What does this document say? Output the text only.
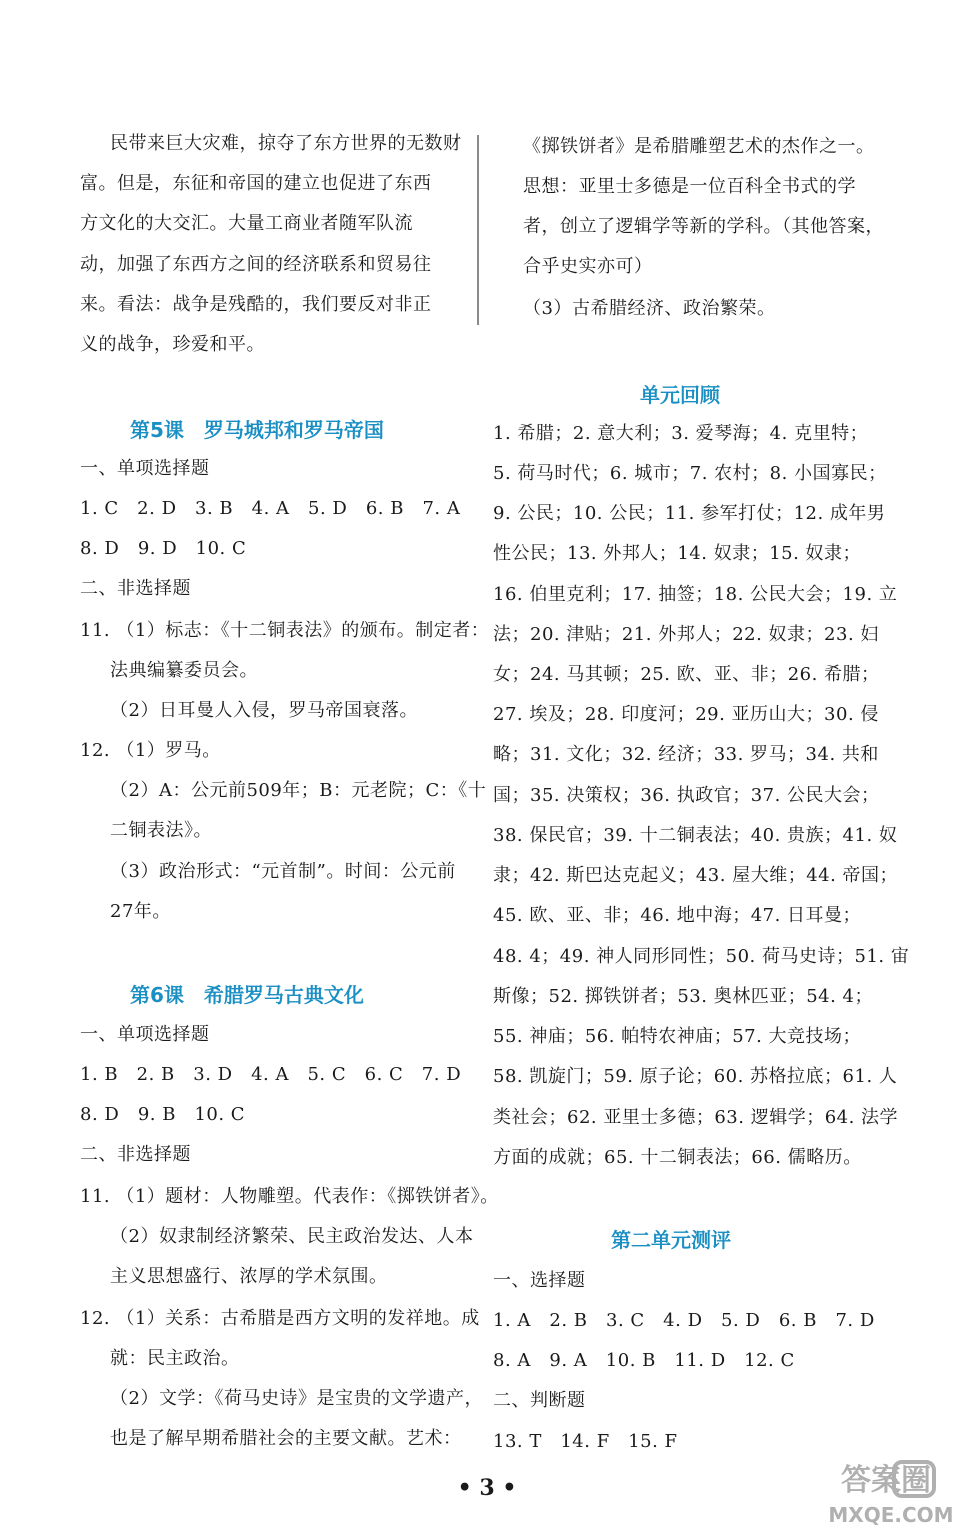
民带来巨大灾难，掠夺了东方世界的无数财
富。但是，东征和帝国的建立也促进了东西
方文化的大交汇。大量工商业者随军队流
动，加强了东西方之间的经济联系和贸易往
来。看法：战争是残酷的，我们要反对非正
义的战争，珍爱和平。
第5课　罗马城邦和罗马帝国
一、单项选择题
1. C　2. D　3. B　4. A　5. D　6. B　7. A
8. D　9. D　10. C
二、非选择题
11. （1）标志：《十二铜表法》的颁布。制定者：
法典编纂委员会。
（2）日耳曼人入侵，罗马帝国衰落。
12. （1）罗马。
（2）A：公元前509年；B：元老院；C：《十
二铜表法》。
（3）政治形式：“元首制”。时间：公元前
27年。
第6课　希腊罗马古典文化
一、单项选择题
1. B　2. B　3. D　4. A　5. C　6. C　7. D
8. D　9. B　10. C
二、非选择题
11. （1）题材：人物雕塑。代表作：《掷铁饼者》。
（2）奴隶制经济繁荣、民主政治发达、人本
主义思想盛行、浓厚的学术氛围。
12. （1）关系：古希腊是西方文明的发祥地。成
就：民主政治。
（2）文学：《荷马史诗》是宝贵的文学遗产，
也是了解早期希腊社会的主要文献。艺术：
《掷铁饼者》是希腊雕塑艺术的杰作之一。
思想：亚里士多德是一位百科全书式的学
者，创立了逻辑学等新的学科。（其他答案，
合乎史实亦可）
（3）古希腊经济、政治繁荣。
单元回顾
1. 希腊；2. 意大利；3. 爱琴海；4. 克里特；
5. 荷马时代；6. 城市；7. 农村；8. 小国寡民；
9. 公民；10. 公民；11. 参军打仗；12. 成年男
性公民；13. 外邦人；14. 奴隶；15. 奴隶；
16. 伯里克利；17. 抽签；18. 公民大会；19. 立
法；20. 津贴；21. 外邦人；22. 奴隶；23. 妇
女；24. 马其顿；25. 欧、亚、非；26. 希腊；
27. 埃及；28. 印度河；29. 亚历山大；30. 侵
略；31. 文化；32. 经济；33. 罗马；34. 共和
国；35. 决策权；36. 执政官；37. 公民大会；
38. 保民官；39. 十二铜表法；40. 贵族；41. 奴
隶；42. 斯巴达克起义；43. 屋大维；44. 帝国；
45. 欧、亚、非；46. 地中海；47. 日耳曼；
48. 4；49. 神人同形同性；50. 荷马史诗；51. 宙
斯像；52. 掷铁饼者；53. 奥林匹亚；54. 4；
55. 神庙；56. 帕特农神庙；57. 大竞技场；
58. 凯旋门；59. 原子论；60. 苏格拉底；61. 人
类社会；62. 亚里士多德；63. 逻辑学；64. 法学
方面的成就；65. 十二铜表法；66. 儒略历。
第二单元测评
一、选择题
1. A　2. B　3. C　4. D　5. D　6. B　7. D
8. A　9. A　10. B　11. D　12. C
二、判断题
13. T　14. F　15. F
• 3 •	答案圈
MXQE.COM
